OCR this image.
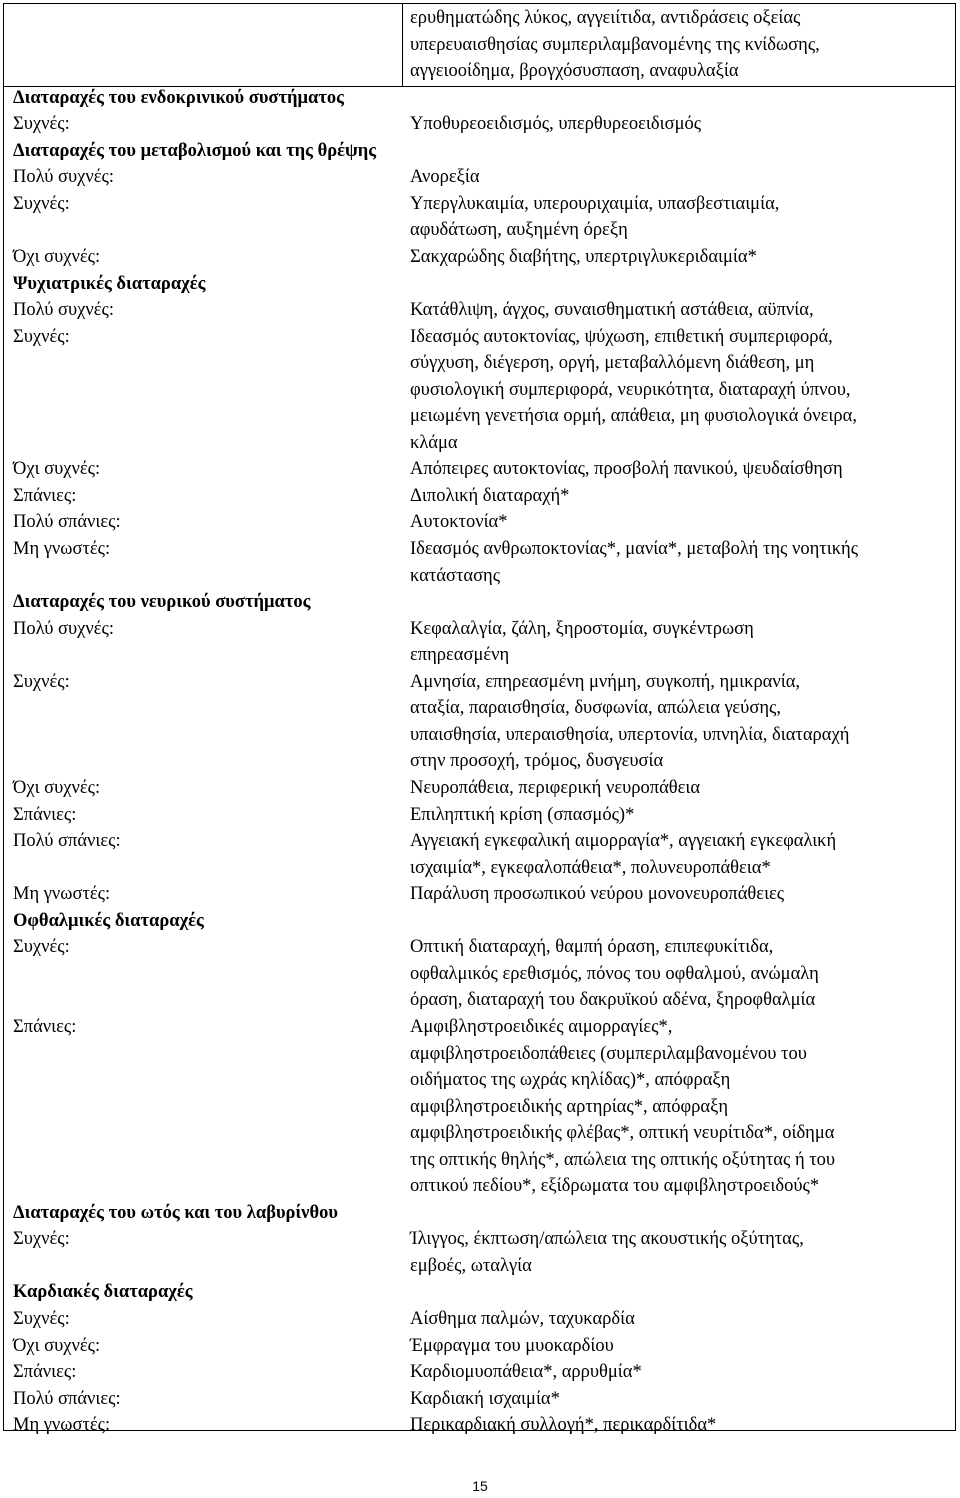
ερυθηματώδης λύκος, αγγειίτιδα, αντιδράσεις οξείας
υπερευαισθησίας συμπεριλαμβανομένης της κνίδωσης,
αγγειοοίδημα, βρογχόσυσπαση, αναφυλαξία
Διαταραχές του ενδοκρινικού συστήματος
Συχνές:	Υποθυρεοειδισμός, υπερθυρεοειδισμός
Διαταραχές του μεταβολισμού και της θρέψης
Πολύ συχνές:	Ανορεξία
Συχνές:	Υπεργλυκαιμία, υπερουριχαιμία, υπασβεστιαιμία,
αφυδάτωση, αυξημένη όρεξη
Όχι συχνές:	Σακχαρώδης διαβήτης, υπερτριγλυκεριδαιμία*
Ψυχιατρικές διαταραχές
Πολύ συχνές:	Κατάθλιψη, άγχος, συναισθηματική αστάθεια, αϋπνία,
Συχνές:	Ιδεασμός αυτοκτονίας, ψύχωση, επιθετική συμπεριφορά,
σύγχυση, διέγερση, οργή, μεταβαλλόμενη διάθεση, μη
φυσιολογική συμπεριφορά, νευρικότητα, διαταραχή ύπνου,
μειωμένη γενετήσια ορμή, απάθεια, μη φυσιολογικά όνειρα,
κλάμα
Όχι συχνές:	Απόπειρες αυτοκτονίας, προσβολή πανικού, ψευδαίσθηση
Σπάνιες:	Διπολική διαταραχή*
Πολύ σπάνιες:	Αυτοκτονία*
Μη γνωστές:	Ιδεασμός ανθρωποκτονίας*, μανία*, μεταβολή της νοητικής
κατάστασης
Διαταραχές του νευρικού συστήματος
Πολύ συχνές:	Κεφαλαλγία, ζάλη, ξηροστομία, συγκέντρωση
επηρεασμένη
Συχνές:	Αμνησία, επηρεασμένη μνήμη, συγκοπή, ημικρανία,
αταξία, παραισθησία, δυσφωνία, απώλεια γεύσης,
υπαισθησία, υπεραισθησία, υπερτονία, υπνηλία, διαταραχή
στην προσοχή, τρόμος, δυσγευσία
Όχι συχνές:	Νευροπάθεια, περιφερική νευροπάθεια
Σπάνιες:	Επιληπτική κρίση (σπασμός)*
Πολύ σπάνιες:	Αγγειακή εγκεφαλική αιμορραγία*, αγγειακή εγκεφαλική
ισχαιμία*, εγκεφαλοπάθεια*, πολυνευροπάθεια*
Μη γνωστές:	Παράλυση προσωπικού νεύρου μονονευροπάθειες
Οφθαλμικές διαταραχές
Συχνές:	Οπτική διαταραχή, θαμπή όραση, επιπεφυκίτιδα,
οφθαλμικός ερεθισμός, πόνος του οφθαλμού, ανώμαλη
όραση, διαταραχή του δακρυϊκού αδένα, ξηροφθαλμία
Σπάνιες:	Αμφιβληστροειδικές αιμορραγίες*,
αμφιβληστροειδοπάθειες (συμπεριλαμβανομένου του
οιδήματος της ωχράς κηλίδας)*, απόφραξη
αμφιβληστροειδικής αρτηρίας*, απόφραξη
αμφιβληστροειδικής φλέβας*, οπτική νευρίτιδα*, οίδημα
της οπτικής θηλής*, απώλεια της οπτικής οξύτητας ή του
οπτικού πεδίου*, εξίδρωματα του αμφιβληστροειδούς*
Διαταραχές του ωτός και του λαβυρίνθου
Συχνές:	Ίλιγγος, έκπτωση/απώλεια της ακουστικής οξύτητας,
εμβοές, ωταλγία
Καρδιακές διαταραχές
Συχνές:	Αίσθημα παλμών, ταχυκαρδία
Όχι συχνές:	Έμφραγμα του μυοκαρδίου
Σπάνιες:	Καρδιομυοπάθεια*, αρρυθμία*
Πολύ σπάνιες:	Καρδιακή ισχαιμία*
Μη γνωστές:	Περικαρδιακή συλλογή*, περικαρδίτιδα*
15
